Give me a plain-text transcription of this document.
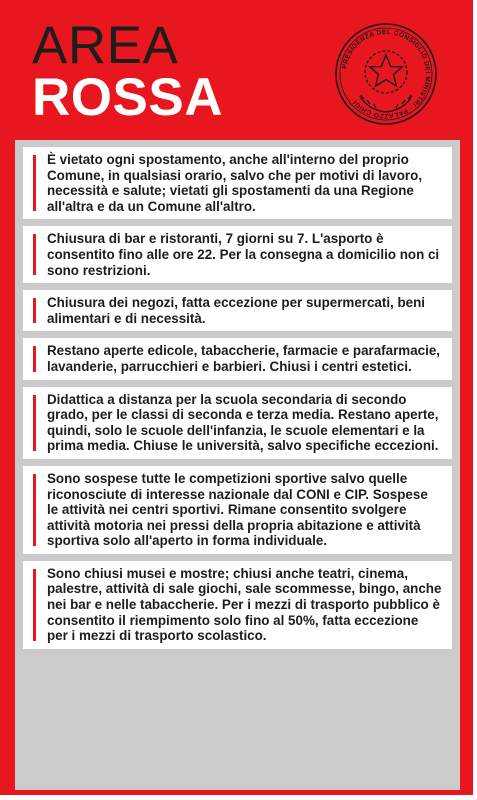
AREA
ROSSA
PRESIDENZA DEL CONSIGLIO DEI MINISTRI · PALAZZO CHIGI
È vietato ogni spostamento, anche all'interno del proprio Comune, in qualsiasi orario, salvo che per motivi di lavoro, necessità e salute; vietati gli spostamenti da una Regione all'altra e da un Comune all'altro.
Chiusura di bar e ristoranti, 7 giorni su 7. L'asporto è consentito fino alle ore 22. Per la consegna a domicilio non ci sono restrizioni.
Chiusura dei negozi, fatta eccezione per supermercati, beni alimentari e di necessità.
Restano aperte edicole, tabaccherie, farmacie e parafarmacie, lavanderie, parrucchieri e barbieri. Chiusi i centri estetici.
Didattica a distanza per la scuola secondaria di secondo grado, per le classi di seconda e terza media. Restano aperte, quindi, solo le scuole dell'infanzia, le scuole elementari e la prima media. Chiuse le università, salvo specifiche eccezioni.
Sono sospese tutte le competizioni sportive salvo quelle riconosciute di interesse nazionale dal CONI e CIP. Sospese le attività nei centri sportivi. Rimane consentito svolgere attività motoria nei pressi della propria abitazione e attività sportiva solo all'aperto in forma individuale.
Sono chiusi musei e mostre; chiusi anche teatri, cinema, palestre, attività di sale giochi, sale scommesse, bingo, anche nei bar e nelle tabaccherie. Per i mezzi di trasporto pubblico è consentito il riempimento solo fino al 50%, fatta eccezione per i mezzi di trasporto scolastico.
